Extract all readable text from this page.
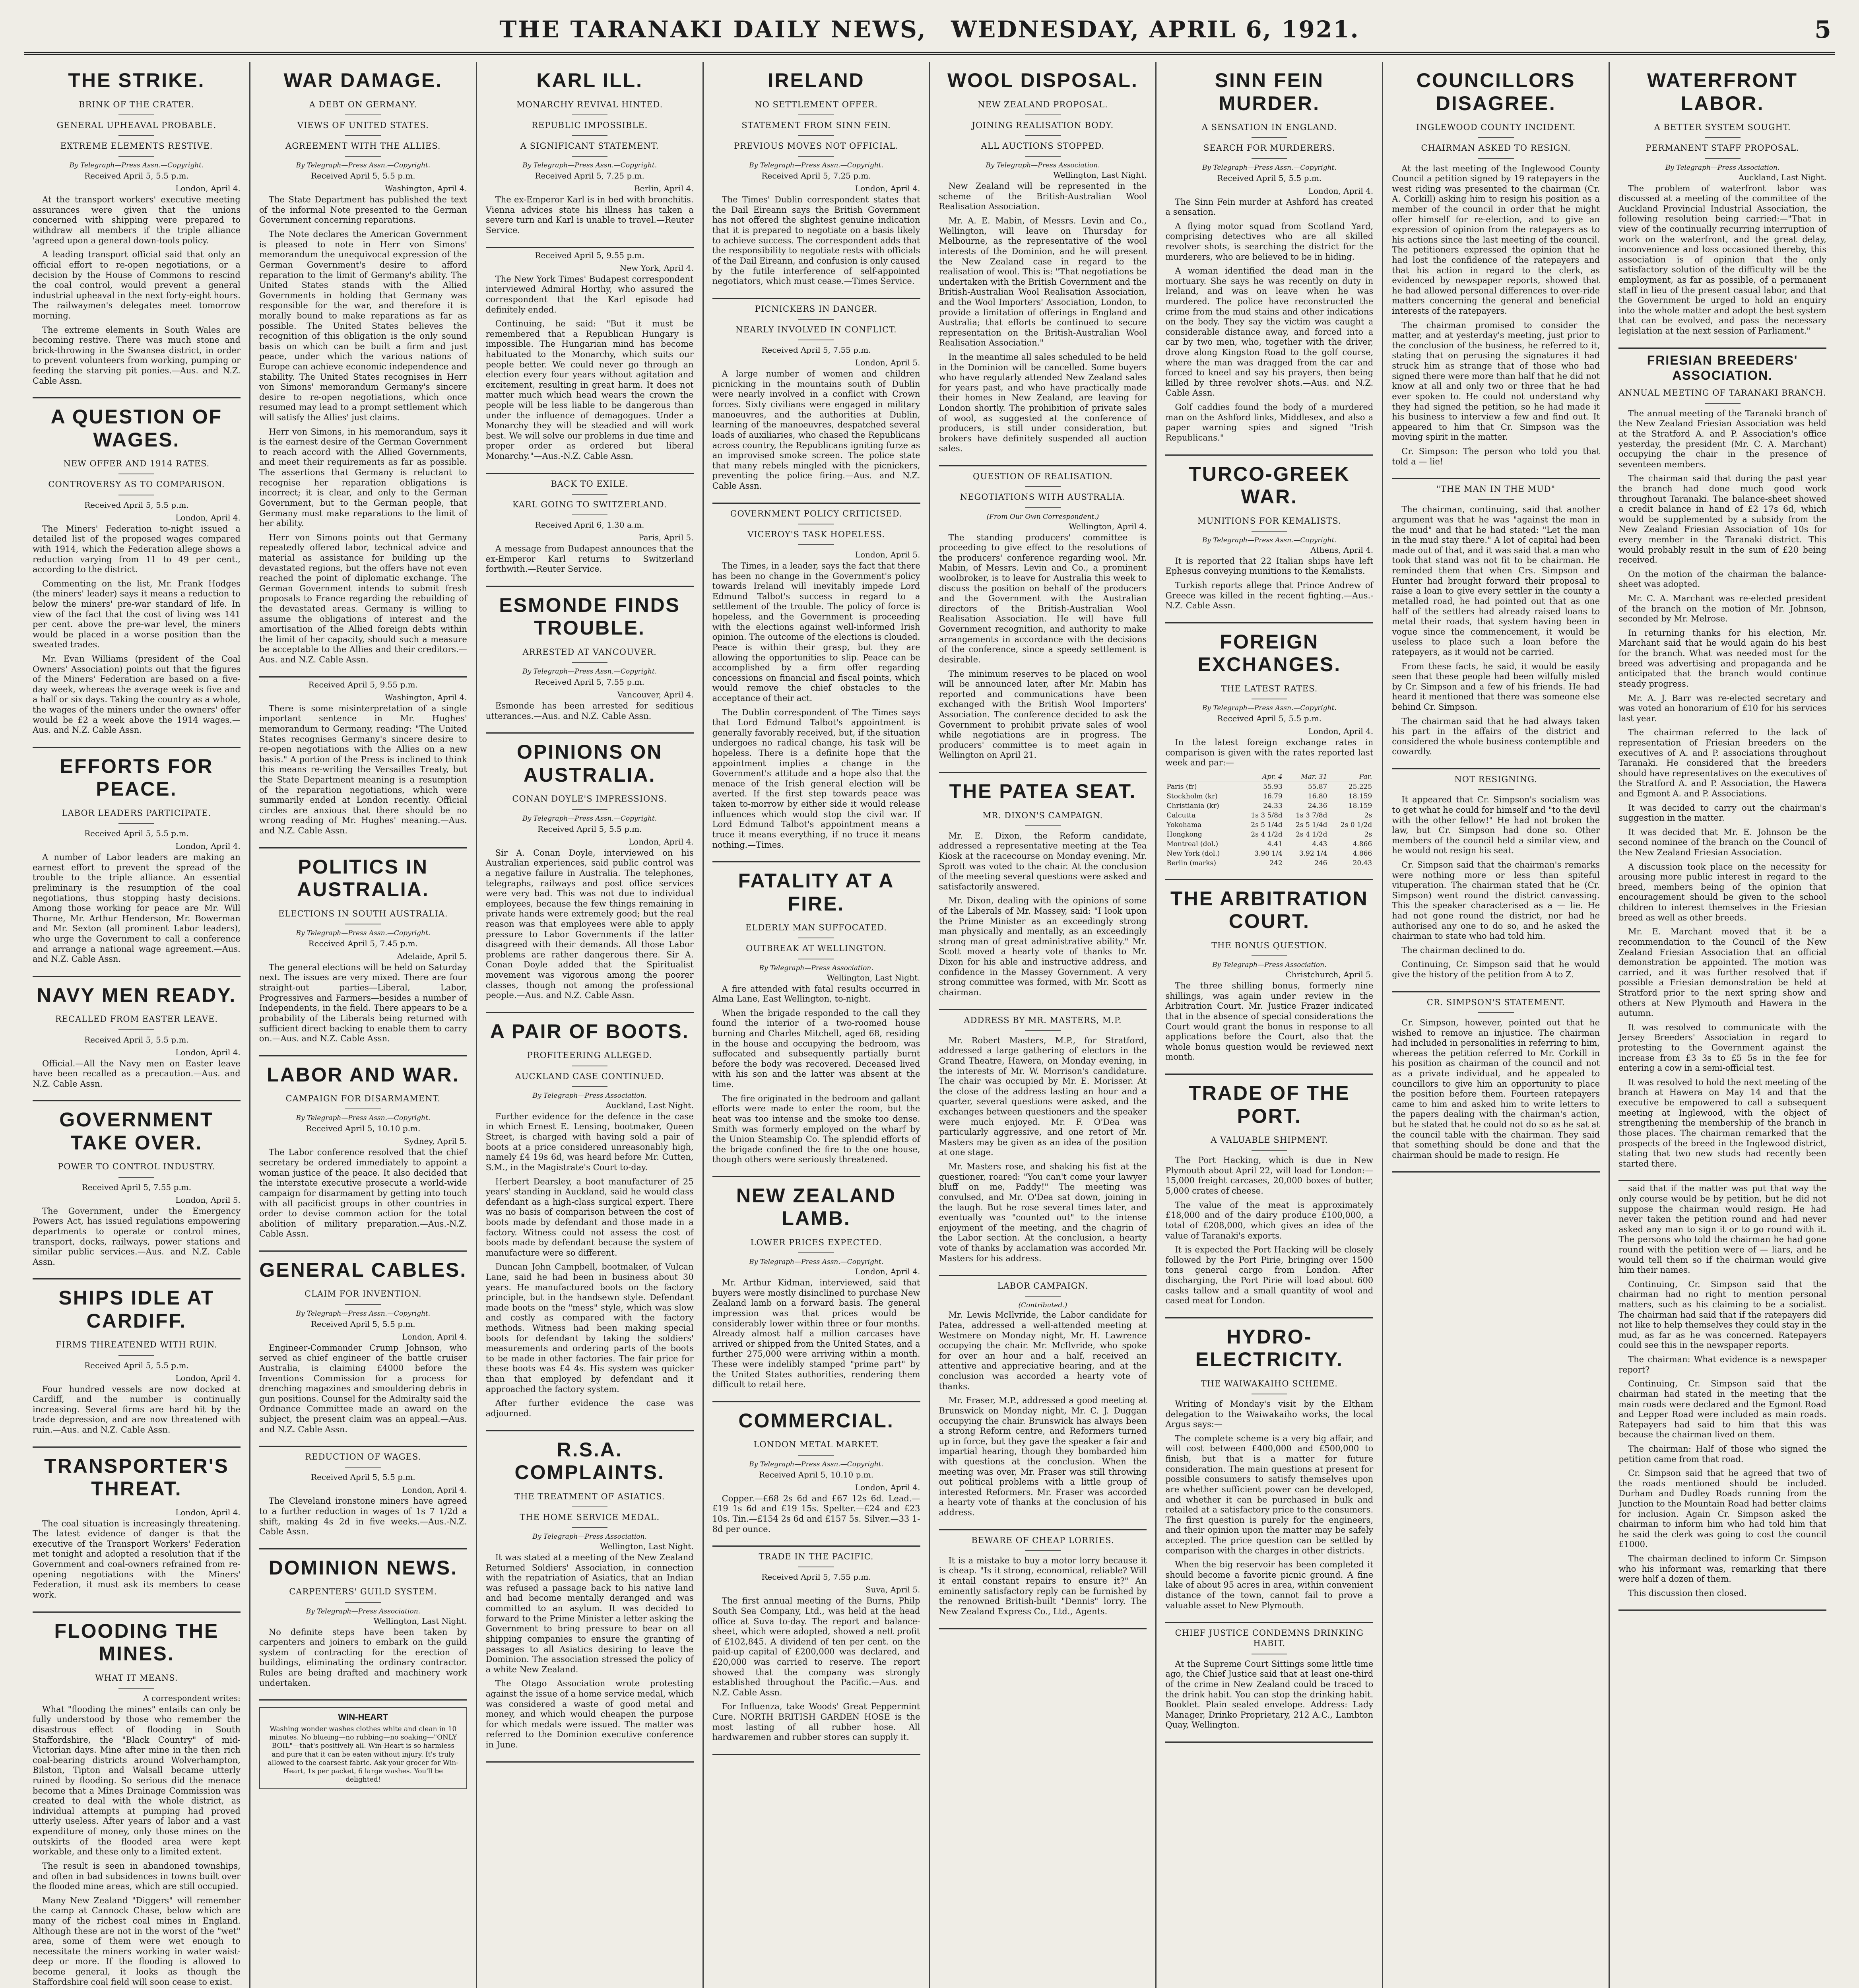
THE TARANAKI DAILY NEWS, WEDNESDAY, APRIL 6, 1921.	5
THE STRIKE.
BRINK OF THE CRATER.
GENERAL UPHEAVAL PROBABLE.
EXTREME ELEMENTS RESTIVE.
By Telegraph—Press Assn.—Copyright.
Received April 5, 5.5 p.m.
London, April 4.

At the transport workers' executive meeting assurances were given that the unions concerned with shipping were prepared to withdraw all members if the triple alliance 'agreed upon a general down-tools policy.

A leading transport official said that only an official effort to re-open negotiations, or a decision by the House of Commons to rescind the coal control, would prevent a general industrial upheaval in the next forty-eight hours. The railwaymen's delegates meet tomorrow morning.

The extreme elements in South Wales are becoming restive. There was much stone and brick-throwing in the Swansea district, in order to prevent volunteers from working, pumping or feeding the starving pit ponies.—Aus. and N.Z. Cable Assn.

A QUESTION OF WAGES.
NEW OFFER AND 1914 RATES.
CONTROVERSY AS TO COMPARISON.
Received April 5, 5.5 p.m.
London, April 4.

The Miners' Federation to-night issued a detailed list of the proposed wages compared with 1914, which the Federation allege shows a reduction varying from 11 to 49 per cent., according to the district.

Commenting on the list, Mr. Frank Hodges (the miners' leader) says it means a reduction to below the miners' pre-war standard of life. In view of the fact that the cost of living was 141 per cent. above the pre-war level, the miners would be placed in a worse position than the sweated trades.

Mr. Evan Williams (president of the Coal Owners' Association) points out that the figures of the Miners' Federation are based on a five-day week, whereas the average week is five and a half or six days. Taking the country as a whole, the wages of the miners under the owners' offer would be £2 a week above the 1914 wages.—Aus. and N.Z. Cable Assn.

EFFORTS FOR PEACE.
LABOR LEADERS PARTICIPATE.
Received April 5, 5.5 p.m.
London, April 4.

A number of Labor leaders are making an earnest effort to prevent the spread of the trouble to the triple alliance. An essential preliminary is the resumption of the coal negotiations, thus stopping hasty decisions. Among those working for peace are Mr. Will Thorne, Mr. Arthur Henderson, Mr. Bowerman and Mr. Sexton (all prominent Labor leaders), who urge the Government to call a conference and arrange a national wage agreement.—Aus. and N.Z. Cable Assn.

NAVY MEN READY.
RECALLED FROM EASTER LEAVE.
Received April 5, 5.5 p.m.
London, April 4.

Official.—All the Navy men on Easter leave have been recalled as a precaution.—Aus. and N.Z. Cable Assn.

GOVERNMENT TAKE OVER.
POWER TO CONTROL INDUSTRY.
Received April 5, 7.55 p.m.
London, April 5.

The Government, under the Emergency Powers Act, has issued regulations empowering departments to operate or control mines, transport, docks, railways, power stations and similar public services.—Aus. and N.Z. Cable Assn.

SHIPS IDLE AT CARDIFF.
FIRMS THREATENED WITH RUIN.
Received April 5, 5.5 p.m.
London, April 4.

Four hundred vessels are now docked at Cardiff, and the number is continually increasing. Several firms are hard hit by the trade depression, and are now threatened with ruin.—Aus. and N.Z. Cable Assn.

TRANSPORTER'S THREAT.
London, April 4.

The coal situation is increasingly threatening. The latest evidence of danger is that the executive of the Transport Workers' Federation met tonight and adopted a resolution that if the Government and coal-owners refrained from re-opening negotiations with the Miners' Federation, it must ask its members to cease work.

FLOODING THE MINES.
WHAT IT MEANS.
A correspondent writes:

What "flooding the mines" entails can only be fully understood by those who remember the disastrous effect of flooding in South Staffordshire, the "Black Country" of mid-Victorian days. Mine after mine in the then rich coal-bearing districts around Wolverhampton, Bilston, Tipton and Walsall became utterly ruined by flooding. So serious did the menace become that a Mines Drainage Commission was created to deal with the whole district, as individual attempts at pumping had proved utterly useless. After years of labor and a vast expenditure of money, only those mines on the outskirts of the flooded area were kept workable, and these only to a limited extent.

The result is seen in abandoned townships, and often in bad subsidences in towns built over the flooded mine areas, which are still occupied.

Many New Zealand "Diggers" will remember the camp at Cannock Chase, below which are many of the richest coal mines in England. Although these are not in the worst of the "wet" area, some of them were wet enough to necessitate the miners working in water waist-deep or more. If the flooding is allowed to become general, it looks as though the Staffordshire coal field will soon cease to exist.

WAR DAMAGE.
A DEBT ON GERMANY.
VIEWS OF UNITED STATES.
AGREEMENT WITH THE ALLIES.
By Telegraph—Press Assn.—Copyright.
Received April 5, 5.5 p.m.
Washington, April 4.

The State Department has published the text of the informal Note presented to the German Government concerning reparations.

The Note declares the American Government is pleased to note in Herr von Simons' memorandum the unequivocal expression of the German Government's desire to afford reparation to the limit of Germany's ability. The United States stands with the Allied Governments in holding that Germany was responsible for the war, and therefore it is morally bound to make reparations as far as possible. The United States believes the recognition of this obligation is the only sound basis on which can be built a firm and just peace, under which the various nations of Europe can achieve economic independence and stability. The United States recognises in Herr von Simons' memorandum Germany's sincere desire to re-open negotiations, which once resumed may lead to a prompt settlement which will satisfy the Allies' just claims.

Herr von Simons, in his memorandum, says it is the earnest desire of the German Government to reach accord with the Allied Governments, and meet their requirements as far as possible. The assertions that Germany is reluctant to recognise her reparation obligations is incorrect; it is clear, and only to the German Government, but to the German people, that Germany must make reparations to the limit of her ability.

Herr von Simons points out that Germany repeatedly offered labor, technical advice and material as assistance for building up the devastated regions, but the offers have not even reached the point of diplomatic exchange. The German Government intends to submit fresh proposals to France regarding the rebuilding of the devastated areas. Germany is willing to assume the obligations of interest and the amortisation of the Allied foreign debts within the limit of her capacity, should such a measure be acceptable to the Allies and their creditors.—Aus. and N.Z. Cable Assn.

Received April 5, 9.55 p.m.
Washington, April 4.

There is some misinterpretation of a single important sentence in Mr. Hughes' memorandum to Germany, reading: "The United States recognises Germany's sincere desire to re-open negotiations with the Allies on a new basis." A portion of the Press is inclined to think this means re-writing the Versailles Treaty, but the State Department meaning is a resumption of the reparation negotiations, which were summarily ended at London recently. Official circles are anxious that there should be no wrong reading of Mr. Hughes' meaning.—Aus. and N.Z. Cable Assn.

POLITICS IN AUSTRALIA.
ELECTIONS IN SOUTH AUSTRALIA.
By Telegraph—Press Assn.—Copyright.
Received April 5, 7.45 p.m.
Adelaide, April 5.

The general elections will be held on Saturday next. The issues are very mixed. There are four straight-out parties—Liberal, Labor, Progressives and Farmers—besides a number of Independents, in the field. There appears to be a probability of the Liberals being returned with sufficient direct backing to enable them to carry on.—Aus. and N.Z. Cable Assn.

LABOR AND WAR.
CAMPAIGN FOR DISARMAMENT.
By Telegraph—Press Assn.—Copyright.
Received April 5, 10.10 p.m.
Sydney, April 5.

The Labor conference resolved that the chief secretary be ordered immediately to appoint a woman justice of the peace. It also decided that the interstate executive prosecute a world-wide campaign for disarmament by getting into touch with all pacificist groups in other countries in order to devise common action for the total abolition of military preparation.—Aus.-N.Z. Cable Assn.

GENERAL CABLES.
CLAIM FOR INVENTION.
By Telegraph—Press Assn.—Copyright.
Received April 5, 5.5 p.m.
London, April 4.

Engineer-Commander Crump Johnson, who served as chief engineer of the battle cruiser Australia, is claiming £4000 before the Inventions Commission for a process for drenching magazines and smouldering debris in gun positions. Counsel for the Admiralty said the Ordnance Committee made an award on the subject, the present claim was an appeal.—Aus. and N.Z. Cable Assn.

REDUCTION OF WAGES.
Received April 5, 5.5 p.m.
London, April 4.

The Cleveland ironstone miners have agreed to a further reduction in wages of 1s 7 1/2d a shift, making 4s 2d in five weeks.—Aus.-N.Z. Cable Assn.

DOMINION NEWS.
CARPENTERS' GUILD SYSTEM.
By Telegraph—Press Association.
Wellington, Last Night.

No definite steps have been taken by carpenters and joiners to embark on the guild system of contracting for the erection of buildings, eliminating the ordinary contractor. Rules are being drafted and machinery work undertaken.

WIN-HEART
Washing wonder washes clothes white and clean in 10 minutes. No blueing—no rubbing—no soaking—"ONLY BOIL"—that's positively all. Win-Heart is so harmless and pure that it can be eaten without injury. It's truly allowed to the coarsest fabric. Ask your grocer for Win-Heart, 1s per packet, 6 large washes. You'll be delighted!
KARL ILL.
MONARCHY REVIVAL HINTED.
REPUBLIC IMPOSSIBLE.
A SIGNIFICANT STATEMENT.
By Telegraph—Press Assn.—Copyright.
Received April 5, 7.25 p.m.
Berlin, April 4.

The ex-Emperor Karl is in bed with bronchitis. Vienna advices state his illness has taken a severe turn and Karl is unable to travel.—Reuter Service.

Received April 5, 9.55 p.m.
New York, April 4.

The New York Times' Budapest correspondent interviewed Admiral Horthy, who assured the correspondent that the Karl episode had definitely ended.

Continuing, he said: "But it must be remembered that a Republican Hungary is impossible. The Hungarian mind has become habituated to the Monarchy, which suits our people better. We could never go through an election every four years without agitation and excitement, resulting in great harm. It does not matter much which head wears the crown the people will be less liable to be dangerous than under the influence of demagogues. Under a Monarchy they will be steadied and will work best. We will solve our problems in due time and proper order as ordered but liberal Monarchy."—Aus.-N.Z. Cable Assn.

BACK TO EXILE.
KARL GOING TO SWITZERLAND.
Received April 6, 1.30 a.m.
Paris, April 5.

A message from Budapest announces that the ex-Emperor Karl returns to Switzerland forthwith.—Reuter Service.

ESMONDE FINDS TROUBLE.
ARRESTED AT VANCOUVER.
By Telegraph—Press Assn.—Copyright.
Received April 5, 7.55 p.m.
Vancouver, April 4.

Esmonde has been arrested for seditious utterances.—Aus. and N.Z. Cable Assn.

OPINIONS ON AUSTRALIA.
CONAN DOYLE'S IMPRESSIONS.
By Telegraph—Press Assn.—Copyright.
Received April 5, 5.5 p.m.
London, April 4.

Sir A. Conan Doyle, interviewed on his Australian experiences, said public control was a negative failure in Australia. The telephones, telegraphs, railways and post office services were very bad. This was not due to individual employees, because the few things remaining in private hands were extremely good; but the real reason was that employees were able to apply pressure to Labor Governments if the latter disagreed with their demands. All those Labor problems are rather dangerous there. Sir A. Conan Doyle added that the Spiritualist movement was vigorous among the poorer classes, though not among the professional people.—Aus. and N.Z. Cable Assn.

A PAIR OF BOOTS.
PROFITEERING ALLEGED.
AUCKLAND CASE CONTINUED.
By Telegraph—Press Association.
Auckland, Last Night.

Further evidence for the defence in the case in which Ernest E. Lensing, bootmaker, Queen Street, is charged with having sold a pair of boots at a price considered unreasonably high, namely £4 19s 6d, was heard before Mr. Cutten, S.M., in the Magistrate's Court to-day.

Herbert Dearsley, a boot manufacturer of 25 years' standing in Auckland, said he would class defendant as a high-class surgical expert. There was no basis of comparison between the cost of boots made by defendant and those made in a factory. Witness could not assess the cost of boots made by defendant because the system of manufacture were so different.

Duncan John Campbell, bootmaker, of Vulcan Lane, said he had been in business about 30 years. He manufactured boots on the factory principle, but in the handsewn style. Defendant made boots on the "mess" style, which was slow and costly as compared with the factory methods. Witness had been making special boots for defendant by taking the soldiers' measurements and ordering parts of the boots to be made in other factories. The fair price for these boots was £4 4s. His system was quicker than that employed by defendant and it approached the factory system.

After further evidence the case was adjourned.

R.S.A. COMPLAINTS.
THE TREATMENT OF ASIATICS.
THE HOME SERVICE MEDAL.
By Telegraph—Press Association.
Wellington, Last Night.

It was stated at a meeting of the New Zealand Returned Soldiers' Association, in connection with the repatriation of Asiatics, that an Indian was refused a passage back to his native land and had become mentally deranged and was committed to an asylum. It was decided to forward to the Prime Minister a letter asking the Government to bring pressure to bear on all shipping companies to ensure the granting of passages to all Asiatics desiring to leave the Dominion. The association stressed the policy of a white New Zealand.

The Otago Association wrote protesting against the issue of a home service medal, which was considered a waste of good metal and money, and which would cheapen the purpose for which medals were issued. The matter was referred to the Dominion executive conference in June.

IRELAND
NO SETTLEMENT OFFER.
STATEMENT FROM SINN FEIN.
PREVIOUS MOVES NOT OFFICIAL.
By Telegraph—Press Assn.—Copyright.
Received April 5, 7.25 p.m.
London, April 4.

The Times' Dublin correspondent states that the Dail Eireann says the British Government has not offered the slightest genuine indication that it is prepared to negotiate on a basis likely to achieve success. The correspondent adds that the responsibility to negotiate rests with officials of the Dail Eireann, and confusion is only caused by the futile interference of self-appointed negotiators, which must cease.—Times Service.

PICNICKERS IN DANGER.
NEARLY INVOLVED IN CONFLICT.
Received April 5, 7.55 p.m.
London, April 5.

A large number of women and children picnicking in the mountains south of Dublin were nearly involved in a conflict with Crown forces. Sixty civilians were engaged in military manoeuvres, and the authorities at Dublin, learning of the manoeuvres, despatched several loads of auxiliaries, who chased the Republicans across country, the Republicans igniting furze as an improvised smoke screen. The police state that many rebels mingled with the picnickers, preventing the police firing.—Aus. and N.Z. Cable Assn.

GOVERNMENT POLICY CRITICISED.
VICEROY'S TASK HOPELESS.
London, April 5.

The Times, in a leader, says the fact that there has been no change in the Government's policy towards Ireland will inevitably impede Lord Edmund Talbot's success in regard to a settlement of the trouble. The policy of force is hopeless, and the Government is proceeding with the elections against well-informed Irish opinion. The outcome of the elections is clouded. Peace is within their grasp, but they are allowing the opportunities to slip. Peace can be accomplished by a firm offer regarding concessions on financial and fiscal points, which would remove the chief obstacles to the acceptance of their act.

The Dublin correspondent of The Times says that Lord Edmund Talbot's appointment is generally favorably received, but, if the situation undergoes no radical change, his task will be hopeless. There is a definite hope that the appointment implies a change in the Government's attitude and a hope also that the menace of the Irish general election will be averted. If the first step towards peace was taken to-morrow by either side it would release influences which would stop the civil war. If Lord Edmund Talbot's appointment means a truce it means everything, if no truce it means nothing.—Times.

FATALITY AT A FIRE.
ELDERLY MAN SUFFOCATED.
OUTBREAK AT WELLINGTON.
By Telegraph—Press Association.
Wellington, Last Night.

A fire attended with fatal results occurred in Alma Lane, East Wellington, to-night.

When the brigade responded to the call they found the interior of a two-roomed house burning and Charles Mitchell, aged 68, residing in the house and occupying the bedroom, was suffocated and subsequently partially burnt before the body was recovered. Deceased lived with his son and the latter was absent at the time.

The fire originated in the bedroom and gallant efforts were made to enter the room, but the heat was too intense and the smoke too dense. Smith was formerly employed on the wharf by the Union Steamship Co. The splendid efforts of the brigade confined the fire to the one house, though others were seriously threatened.

NEW ZEALAND LAMB.
LOWER PRICES EXPECTED.
By Telegraph—Press Assn.—Copyright.
London, April 4.

Mr. Arthur Kidman, interviewed, said that buyers were mostly disinclined to purchase New Zealand lamb on a forward basis. The general impression was that prices would be considerably lower within three or four months. Already almost half a million carcases have arrived or shipped from the United States, and a further 275,000 were arriving within a month. These were indelibly stamped "prime part" by the United States authorities, rendering them difficult to retail here.

COMMERCIAL.
LONDON METAL MARKET.
By Telegraph—Press Assn.—Copyright.
Received April 5, 10.10 p.m.
London, April 4.

Copper.—£68 2s 6d and £67 12s 6d. Lead.—£19 1s 6d and £19 15s. Spelter.—£24 and £23 10s. Tin.—£154 2s 6d and £157 5s. Silver.—33 1-8d per ounce.

TRADE IN THE PACIFIC.
Received April 5, 7.55 p.m.
Suva, April 5.

The first annual meeting of the Burns, Philp South Sea Company, Ltd., was held at the head office at Suva to-day. The report and balance-sheet, which were adopted, showed a nett profit of £102,845. A dividend of ten per cent. on the paid-up capital of £200,000 was declared, and £20,000 was carried to reserve. The report showed that the company was strongly established throughout the Pacific.—Aus. and N.Z. Cable Assn.

For Influenza, take Woods' Great Peppermint Cure. NORTH BRITISH GARDEN HOSE is the most lasting of all rubber hose. All hardwaremen and rubber stores can supply it.

WOOL DISPOSAL.
NEW ZEALAND PROPOSAL.
JOINING REALISATION BODY.
ALL AUCTIONS STOPPED.
By Telegraph—Press Association.
Wellington, Last Night.

New Zealand will be represented in the scheme of the British-Australian Wool Realisation Association.

Mr. A. E. Mabin, of Messrs. Levin and Co., Wellington, will leave on Thursday for Melbourne, as the representative of the wool interests of the Dominion, and he will present the New Zealand case in regard to the realisation of wool. This is: "That negotiations be undertaken with the British Government and the British-Australian Wool Realisation Association, and the Wool Importers' Association, London, to provide a limitation of offerings in England and Australia; that efforts be continued to secure representation on the British-Australian Wool Realisation Association."

In the meantime all sales scheduled to be held in the Dominion will be cancelled. Some buyers who have regularly attended New Zealand sales for years past, and who have practically made their homes in New Zealand, are leaving for London shortly. The prohibition of private sales of wool, as suggested at the conference of producers, is still under consideration, but brokers have definitely suspended all auction sales.

QUESTION OF REALISATION.
NEGOTIATIONS WITH AUSTRALIA.
(From Our Own Correspondent.)
Wellington, April 4.

The standing producers' committee is proceeding to give effect to the resolutions of the producers' conference regarding wool. Mr. Mabin, of Messrs. Levin and Co., a prominent woolbroker, is to leave for Australia this week to discuss the position on behalf of the producers and the Government with the Australian directors of the British-Australian Wool Realisation Association. He will have full Government recognition, and authority to make arrangements in accordance with the decisions of the conference, since a speedy settlement is desirable.

The minimum reserves to be placed on wool will be announced later, after Mr. Mabin has reported and communications have been exchanged with the British Wool Importers' Association. The conference decided to ask the Government to prohibit private sales of wool while negotiations are in progress. The producers' committee is to meet again in Wellington on April 21.

THE PATEA SEAT.
MR. DIXON'S CAMPAIGN.

Mr. E. Dixon, the Reform candidate, addressed a representative meeting at the Tea Kiosk at the racecourse on Monday evening. Mr. Sprott was voted to the chair. At the conclusion of the meeting several questions were asked and satisfactorily answered.

Mr. Dixon, dealing with the opinions of some of the Liberals of Mr. Massey, said: "I look upon the Prime Minister as an exceedingly strong man physically and mentally, as an exceedingly strong man of great administrative ability." Mr. Scott moved a hearty vote of thanks to Mr. Dixon for his able and instructive address, and confidence in the Massey Government. A very strong committee was formed, with Mr. Scott as chairman.

ADDRESS BY MR. MASTERS, M.P.

Mr. Robert Masters, M.P., for Stratford, addressed a large gathering of electors in the Grand Theatre, Hawera, on Monday evening, in the interests of Mr. W. Morrison's candidature. The chair was occupied by Mr. E. Morisser. At the close of the address lasting an hour and a quarter, several questions were asked, and the exchanges between questioners and the speaker were much enjoyed. Mr. F. O'Dea was particularly aggressive, and one retort of Mr. Masters may be given as an idea of the position at one stage.

Mr. Masters rose, and shaking his fist at the questioner, roared: "You can't come your lawyer bluff on me, Paddy!" The meeting was convulsed, and Mr. O'Dea sat down, joining in the laugh. But he rose several times later, and eventually was "counted out" to the intense enjoyment of the meeting, and the chagrin of the Labor section. At the conclusion, a hearty vote of thanks by acclamation was accorded Mr. Masters for his address.

LABOR CAMPAIGN.
(Contributed.)

Mr. Lewis McIlvride, the Labor candidate for Patea, addressed a well-attended meeting at Westmere on Monday night, Mr. H. Lawrence occupying the chair. Mr. McIlvride, who spoke for over an hour and a half, received an attentive and appreciative hearing, and at the conclusion was accorded a hearty vote of thanks.

Mr. Fraser, M.P., addressed a good meeting at Brunswick on Monday night, Mr. C. J. Duggan occupying the chair. Brunswick has always been a strong Reform centre, and Reformers turned up in force, but they gave the speaker a fair and impartial hearing, though they bombarded him with questions at the conclusion. When the meeting was over, Mr. Fraser was still throwing out political problems with a little group of interested Reformers. Mr. Fraser was accorded a hearty vote of thanks at the conclusion of his address.

BEWARE OF CHEAP LORRIES.

It is a mistake to buy a motor lorry because it is cheap. "Is it strong, economical, reliable? Will it entail constant repairs to ensure it?" An eminently satisfactory reply can be furnished by the renowned British-built "Dennis" lorry. The New Zealand Express Co., Ltd., Agents.

SINN FEIN MURDER.
A SENSATION IN ENGLAND.
SEARCH FOR MURDERERS.
By Telegraph—Press Assn.—Copyright.
Received April 5, 5.5 p.m.
London, April 4.

The Sinn Fein murder at Ashford has created a sensation.

A flying motor squad from Scotland Yard, comprising detectives who are all skilled revolver shots, is searching the district for the murderers, who are believed to be in hiding.

A woman identified the dead man in the mortuary. She says he was recently on duty in Ireland, and was on leave when he was murdered. The police have reconstructed the crime from the mud stains and other indications on the body. They say the victim was caught a considerable distance away, and forced into a car by two men, who, together with the driver, drove along Kingston Road to the golf course, where the man was dragged from the car and forced to kneel and say his prayers, then being killed by three revolver shots.—Aus. and N.Z. Cable Assn.

Golf caddies found the body of a murdered man on the Ashford links, Middlesex, and also a paper warning spies and signed "Irish Republicans."

TURCO-GREEK WAR.
MUNITIONS FOR KEMALISTS.
By Telegraph—Press Assn.—Copyright.
Athens, April 4.

It is reported that 22 Italian ships have left Ephesus conveying munitions to the Kemalists.

Turkish reports allege that Prince Andrew of Greece was killed in the recent fighting.—Aus.-N.Z. Cable Assn.

FOREIGN EXCHANGES.
THE LATEST RATES.
By Telegraph—Press Assn.—Copyright.
Received April 5, 5.5 p.m.
London, April 4.

In the latest foreign exchange rates in comparison is given with the rates reported last week and par:—

	Apr. 4	Mar. 31	Par.
Paris (fr)	55.93	55.87	25.225
Stockholm (kr)	16.79	16.80	18.159
Christiania (kr)	24.33	24.36	18.159
Calcutta	1s 3 5/8d	1s 3 7/8d	2s
Yokohama	2s 5 1/4d	2s 5 1/4d	2s 0 1/2d
Hongkong	2s 4 1/2d	2s 4 1/2d	2s
Montreal (dol.)	4.41	4.43	4.866
New York (dol.)	3.90 1/4	3.92 1/4	4.866
Berlin (marks)	242	246	20.43
THE ARBITRATION COURT.
THE BONUS QUESTION.
By Telegraph—Press Association.
Christchurch, April 5.

The three shilling bonus, formerly nine shillings, was again under review in the Arbitration Court. Mr. Justice Frazer indicated that in the absence of special considerations the Court would grant the bonus in response to all applications before the Court, also that the whole bonus question would be reviewed next month.

TRADE OF THE PORT.
A VALUABLE SHIPMENT.

The Port Hacking, which is due in New Plymouth about April 22, will load for London:— 15,000 freight carcases, 20,000 boxes of butter, 5,000 crates of cheese.

The value of the meat is approximately £18,000 and of the dairy produce £100,000, a total of £208,000, which gives an idea of the value of Taranaki's exports.

It is expected the Port Hacking will be closely followed by the Port Pirie, bringing over 1500 tons general cargo from London. After discharging, the Port Pirie will load about 600 casks tallow and a small quantity of wool and cased meat for London.

HYDRO-ELECTRICITY.
THE WAIWAKAIHO SCHEME.

Writing of Monday's visit by the Eltham delegation to the Waiwakaiho works, the local Argus says:—

The complete scheme is a very big affair, and will cost between £400,000 and £500,000 to finish, but that is a matter for future consideration. The main questions at present for possible consumers to satisfy themselves upon are whether sufficient power can be developed, and whether it can be purchased in bulk and retailed at a satisfactory price to the consumers. The first question is purely for the engineers, and their opinion upon the matter may be safely accepted. The price question can be settled by comparison with the charges in other districts.

When the big reservoir has been completed it should become a favorite picnic ground. A fine lake of about 95 acres in area, within convenient distance of the town, cannot fail to prove a valuable asset to New Plymouth.

CHIEF JUSTICE CONDEMNS DRINKING HABIT.

At the Supreme Court Sittings some little time ago, the Chief Justice said that at least one-third of the crime in New Zealand could be traced to the drink habit. You can stop the drinking habit. Booklet. Plain sealed envelope. Address: Lady Manager, Drinko Proprietary, 212 A.C., Lambton Quay, Wellington.

COUNCILLORS DISAGREE.
INGLEWOOD COUNTY INCIDENT.
CHAIRMAN ASKED TO RESIGN.

At the last meeting of the Inglewood County Council a petition signed by 19 ratepayers in the west riding was presented to the chairman (Cr. A. Corkill) asking him to resign his position as a member of the council in order that he might offer himself for re-election, and to give an expression of opinion from the ratepayers as to his actions since the last meeting of the council. The petitioners expressed the opinion that he had lost the confidence of the ratepayers and that his action in regard to the clerk, as evidenced by newspaper reports, showed that he had allowed personal differences to over-ride matters concerning the general and beneficial interests of the ratepayers.

The chairman promised to consider the matter, and at yesterday's meeting, just prior to the conclusion of the business, he referred to it, stating that on perusing the signatures it had struck him as strange that of those who had signed there were more than half that he did not know at all and only two or three that he had ever spoken to. He could not understand why they had signed the petition, so he had made it his business to interview a few and find out. It appeared to him that Cr. Simpson was the moving spirit in the matter.

Cr. Simpson: The person who told you that told a — lie!

"THE MAN IN THE MUD"

The chairman, continuing, said that another argument was that he was "against the man in the mud" and that he had stated: "Let the man in the mud stay there." A lot of capital had been made out of that, and it was said that a man who took that stand was not fit to be chairman. He reminded them that when Crs. Simpson and Hunter had brought forward their proposal to raise a loan to give every settler in the county a metalled road, he had pointed out that as one half of the settlers had already raised loans to metal their roads, that system having been in vogue since the commencement, it would be useless to place such a loan before the ratepayers, as it would not be carried.

From these facts, he said, it would be easily seen that these people had been wilfully misled by Cr. Simpson and a few of his friends. He had heard it mentioned that there was someone else behind Cr. Simpson.

The chairman said that he had always taken his part in the affairs of the district and considered the whole business contemptible and cowardly.

NOT RESIGNING.

It appeared that Cr. Simpson's socialism was to get what he could for himself and "to the devil with the other fellow!" He had not broken the law, but Cr. Simpson had done so. Other members of the council held a similar view, and he would not resign his seat.

Cr. Simpson said that the chairman's remarks were nothing more or less than spiteful vituperation. The chairman stated that he (Cr. Simpson) went round the district canvassing. This the speaker characterised as a — lie. He had not gone round the district, nor had he authorised any one to do so, and he asked the chairman to state who had told him.

The chairman declined to do.

Continuing, Cr. Simpson said that he would give the history of the petition from A to Z.

CR. SIMPSON'S STATEMENT.

Cr. Simpson, however, pointed out that he wished to remove an injustice. The chairman had included in personalities in referring to him, whereas the petition referred to Mr. Corkill in his position as chairman of the council and not as a private individual, and he appealed to councillors to give him an opportunity to place the position before them. Fourteen ratepayers came to him and asked him to write letters to the papers dealing with the chairman's action, but he stated that he could not do so as he sat at the council table with the chairman. They said that something should be done and that the chairman should be made to resign. He

WATERFRONT LABOR.
A BETTER SYSTEM SOUGHT.
PERMANENT STAFF PROPOSAL.
By Telegraph—Press Association.
Auckland, Last Night.

The problem of waterfront labor was discussed at a meeting of the committee of the Auckland Provincial Industrial Association, the following resolution being carried:—"That in view of the continually recurring interruption of work on the waterfront, and the great delay, inconvenience and loss occasioned thereby, this association is of opinion that the only satisfactory solution of the difficulty will be the employment, as far as possible, of a permanent staff in lieu of the present casual labor, and that the Government be urged to hold an enquiry into the whole matter and adopt the best system that can be evolved, and pass the necessary legislation at the next session of Parliament."

FRIESIAN BREEDERS' ASSOCIATION.
ANNUAL MEETING OF TARANAKI BRANCH.

The annual meeting of the Taranaki branch of the New Zealand Friesian Association was held at the Stratford A. and P. Association's office yesterday, the president (Mr. C. A. Marchant) occupying the chair in the presence of seventeen members.

The chairman said that during the past year the branch had done much good work throughout Taranaki. The balance-sheet showed a credit balance in hand of £2 17s 6d, which would be supplemented by a subsidy from the New Zealand Friesian Association of 10s for every member in the Taranaki district. This would probably result in the sum of £20 being received.

On the motion of the chairman the balance-sheet was adopted.

Mr. C. A. Marchant was re-elected president of the branch on the motion of Mr. Johnson, seconded by Mr. Melrose.

In returning thanks for his election, Mr. Marchant said that he would again do his best for the branch. What was needed most for the breed was advertising and propaganda and he anticipated that the branch would continue steady progress.

Mr. A. J. Barr was re-elected secretary and was voted an honorarium of £10 for his services last year.

The chairman referred to the lack of representation of Friesian breeders on the executives of A. and P. associations throughout Taranaki. He considered that the breeders should have representatives on the executives of the Stratford A. and P. Association, the Hawera and Egmont A. and P. Associations.

It was decided to carry out the chairman's suggestion in the matter.

It was decided that Mr. E. Johnson be the second nominee of the branch on the Council of the New Zealand Friesian Association.

A discussion took place on the necessity for arousing more public interest in regard to the breed, members being of the opinion that encouragement should be given to the school children to interest themselves in the Friesian breed as well as other breeds.

Mr. E. Marchant moved that it be a recommendation to the Council of the New Zealand Friesian Association that an official demonstration be appointed. The motion was carried, and it was further resolved that if possible a Friesian demonstration be held at Stratford prior to the next spring show and others at New Plymouth and Hawera in the autumn.

It was resolved to communicate with the Jersey Breeders' Association in regard to protesting to the Government against the increase from £3 3s to £5 5s in the fee for entering a cow in a semi-official test.

It was resolved to hold the next meeting of the branch at Hawera on May 14 and that the executive be empowered to call a subsequent meeting at Inglewood, with the object of strengthening the membership of the branch in those places. The chairman remarked that the prospects of the breed in the Inglewood district, stating that two new studs had recently been started there.

said that if the matter was put that way the only course would be by petition, but he did not suppose the chairman would resign. He had never taken the petition round and had never asked any man to sign it or to go round with it. The persons who told the chairman he had gone round with the petition were of — liars, and he would tell them so if the chairman would give him their names.

Continuing, Cr. Simpson said that the chairman had no right to mention personal matters, such as his claiming to be a socialist. The chairman had said that if the ratepayers did not like to help themselves they could stay in the mud, as far as he was concerned. Ratepayers could see this in the newspaper reports.

The chairman: What evidence is a newspaper report?

Continuing, Cr. Simpson said that the chairman had stated in the meeting that the main roads were declared and the Egmont Road and Lepper Road were included as main roads. Ratepayers had said to him that this was because the chairman lived on them.

The chairman: Half of those who signed the petition came from that road.

Cr. Simpson said that he agreed that two of the roads mentioned should be included. Durham and Dudley Roads running from the Junction to the Mountain Road had better claims for inclusion. Again Cr. Simpson asked the chairman to inform him who had told him that he said the clerk was going to cost the council £1000.

The chairman declined to inform Cr. Simpson who his informant was, remarking that there were half a dozen of them.

This discussion then closed.
